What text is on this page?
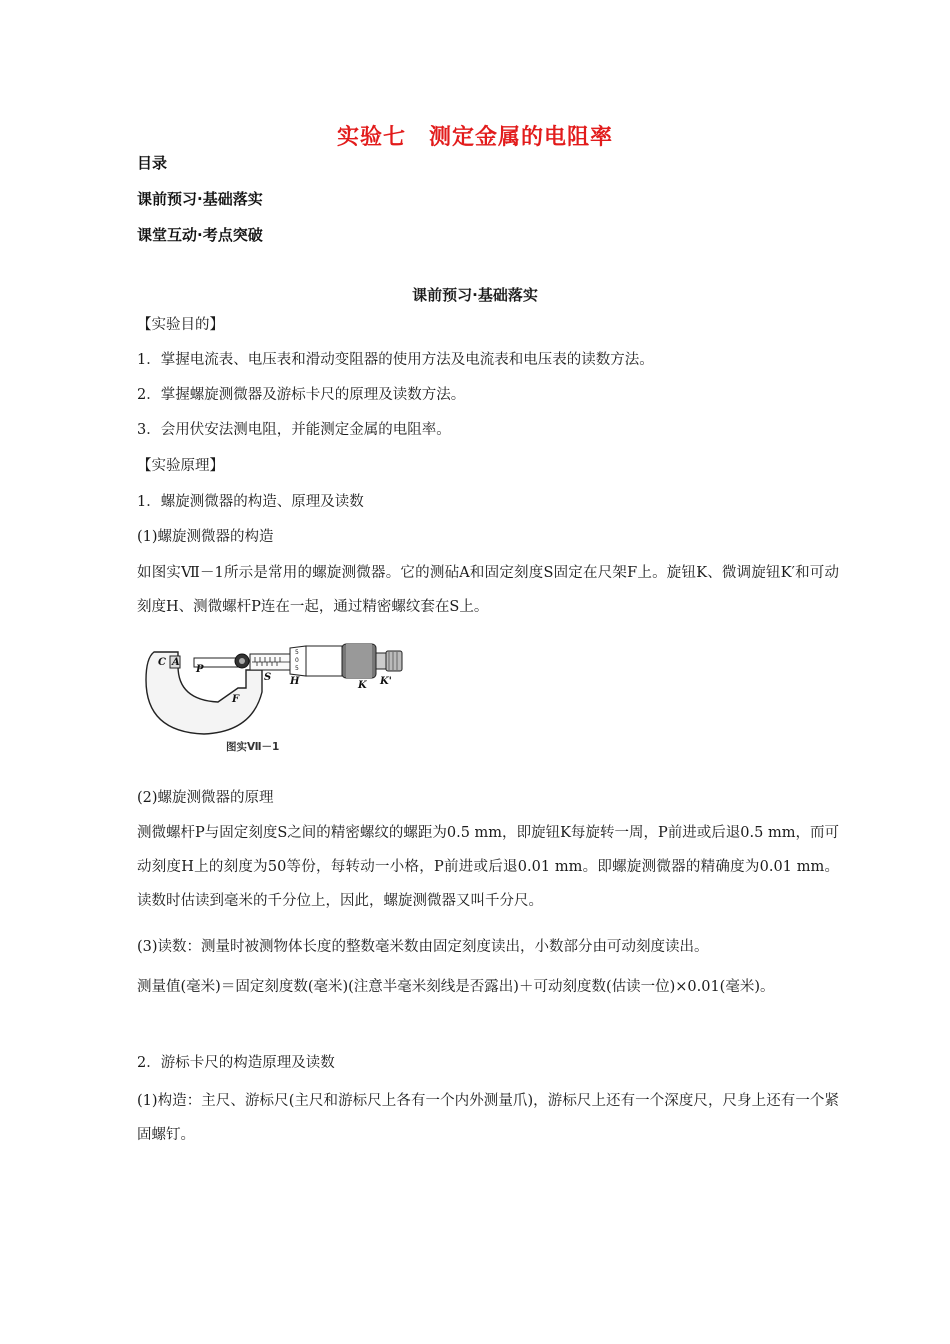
实验七　测定金属的电阻率
目录
课前预习·基础落实
课堂互动·考点突破
课前预习·基础落实
【实验目的】
1．掌握电流表、电压表和滑动变阻器的使用方法及电流表和电压表的读数方法。
2．掌握螺旋测微器及游标卡尺的原理及读数方法。
3．会用伏安法测电阻，并能测定金属的电阻率。
【实验原理】
1．螺旋测微器的构造、原理及读数
(1)螺旋测微器的构造
如图实Ⅶ－1所示是常用的螺旋测微器。它的测砧A和固定刻度S固定在尺架F上。旋钮K、微调旋钮K′和可动刻度H、测微螺杆P连在一起，通过精密螺纹套在S上。
C A
P
S H	K K'
F
5
0
5
图实Ⅶ－1
(2)螺旋测微器的原理
测微螺杆P与固定刻度S之间的精密螺纹的螺距为0.5 mm，即旋钮K每旋转一周，P前进或后退0.5 mm，而可动刻度H上的刻度为50等份，每转动一小格，P前进或后退0.01 mm。即螺旋测微器的精确度为0.01 mm。读数时估读到毫米的千分位上，因此，螺旋测微器又叫千分尺。
(3)读数：测量时被测物体长度的整数毫米数由固定刻度读出，小数部分由可动刻度读出。
测量值(毫米)＝固定刻度数(毫米)(注意半毫米刻线是否露出)＋可动刻度数(估读一位)×0.01(毫米)。
2．游标卡尺的构造原理及读数
(1)构造：主尺、游标尺(主尺和游标尺上各有一个内外测量爪)，游标尺上还有一个深度尺，尺身上还有一个紧固螺钉。
